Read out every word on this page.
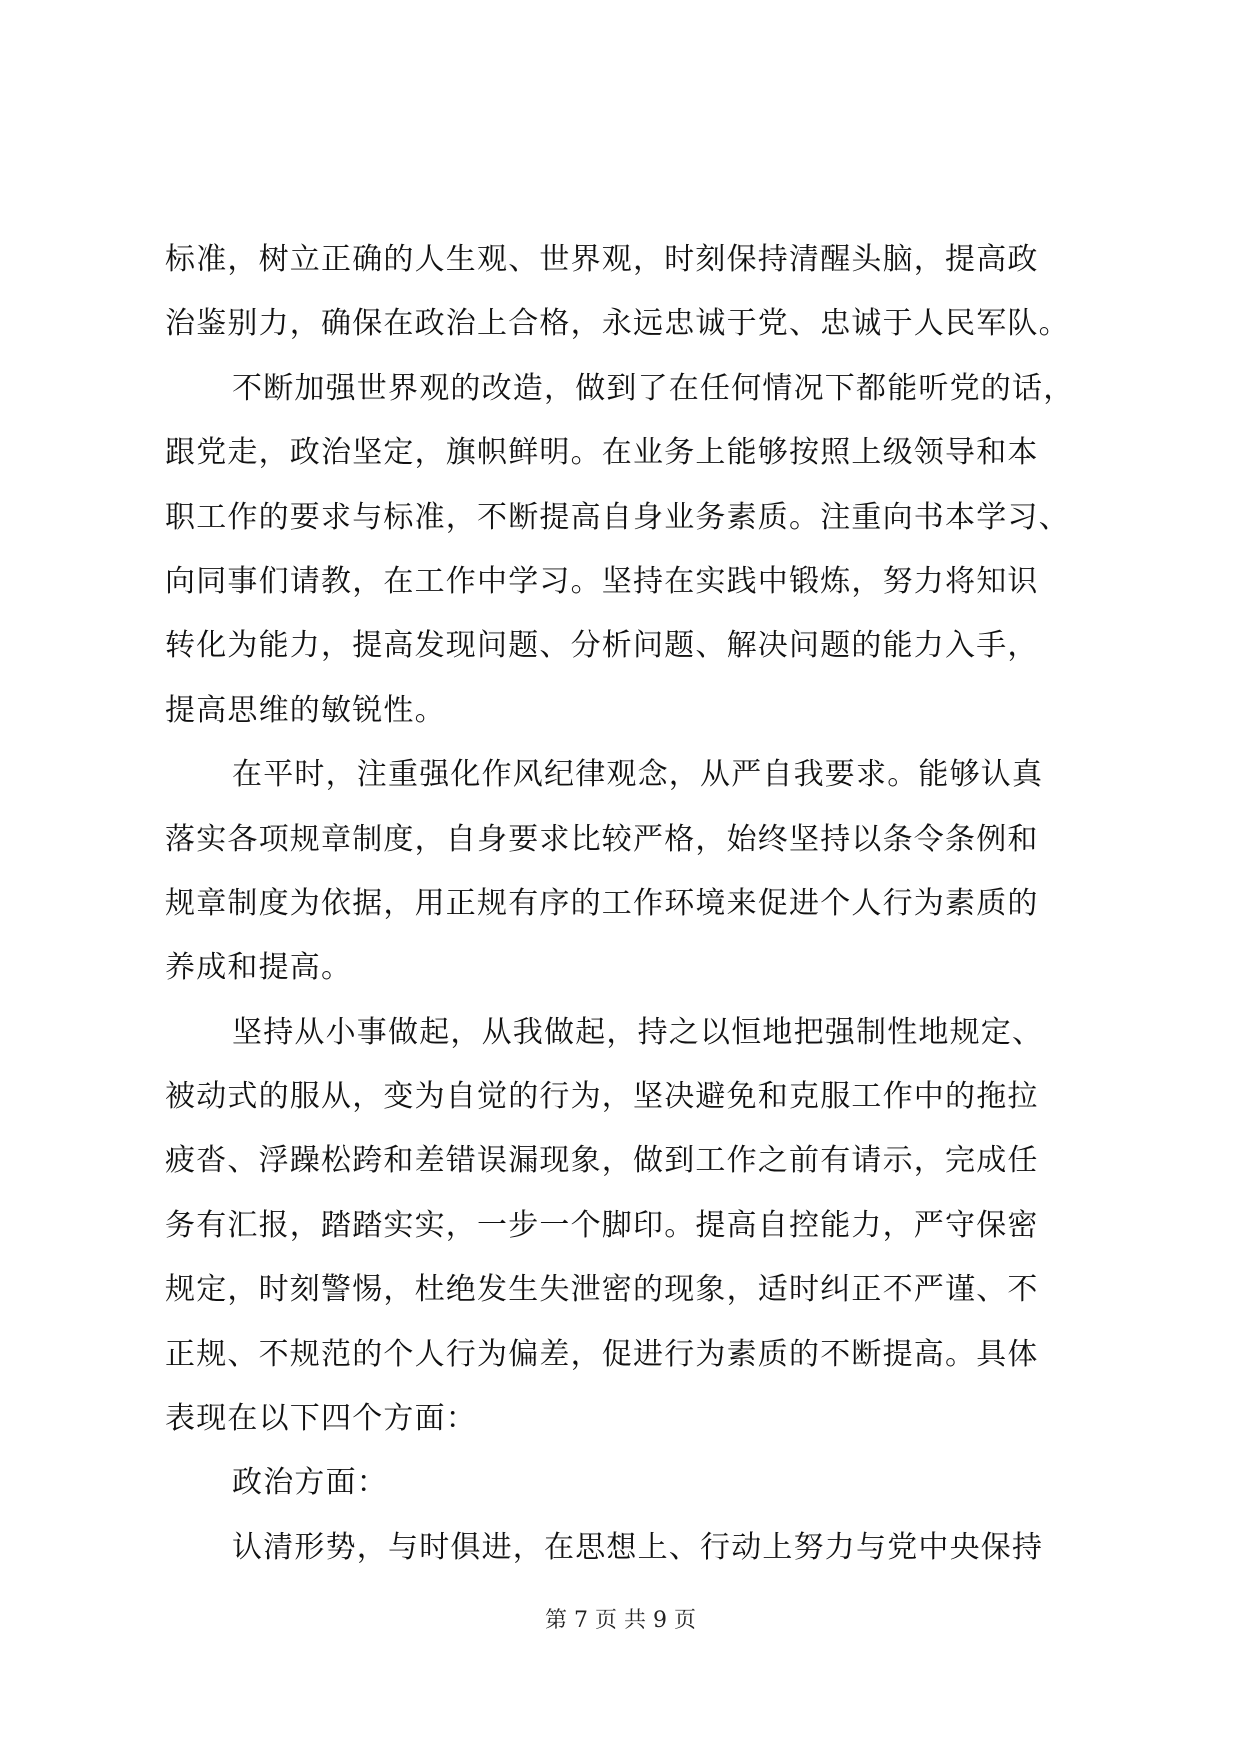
标准，树立正确的人生观、世界观，时刻保持清醒头脑，提高政
治鉴别力，确保在政治上合格，永远忠诚于党、忠诚于人民军队。
不断加强世界观的改造，做到了在任何情况下都能听党的话，
跟党走，政治坚定，旗帜鲜明。在业务上能够按照上级领导和本
职工作的要求与标准，不断提高自身业务素质。注重向书本学习、
向同事们请教，在工作中学习。坚持在实践中锻炼，努力将知识
转化为能力，提高发现问题、分析问题、解决问题的能力入手，
提高思维的敏锐性。
在平时，注重强化作风纪律观念，从严自我要求。能够认真
落实各项规章制度，自身要求比较严格，始终坚持以条令条例和
规章制度为依据，用正规有序的工作环境来促进个人行为素质的
养成和提高。
坚持从小事做起，从我做起，持之以恒地把强制性地规定、
被动式的服从，变为自觉的行为，坚决避免和克服工作中的拖拉
疲沓、浮躁松跨和差错误漏现象，做到工作之前有请示，完成任
务有汇报，踏踏实实，一步一个脚印。提高自控能力，严守保密
规定，时刻警惕，杜绝发生失泄密的现象，适时纠正不严谨、不
正规、不规范的个人行为偏差，促进行为素质的不断提高。具体
表现在以下四个方面：
政治方面：
认清形势，与时俱进，在思想上、行动上努力与党中央保持
第 7 页 共 9 页
